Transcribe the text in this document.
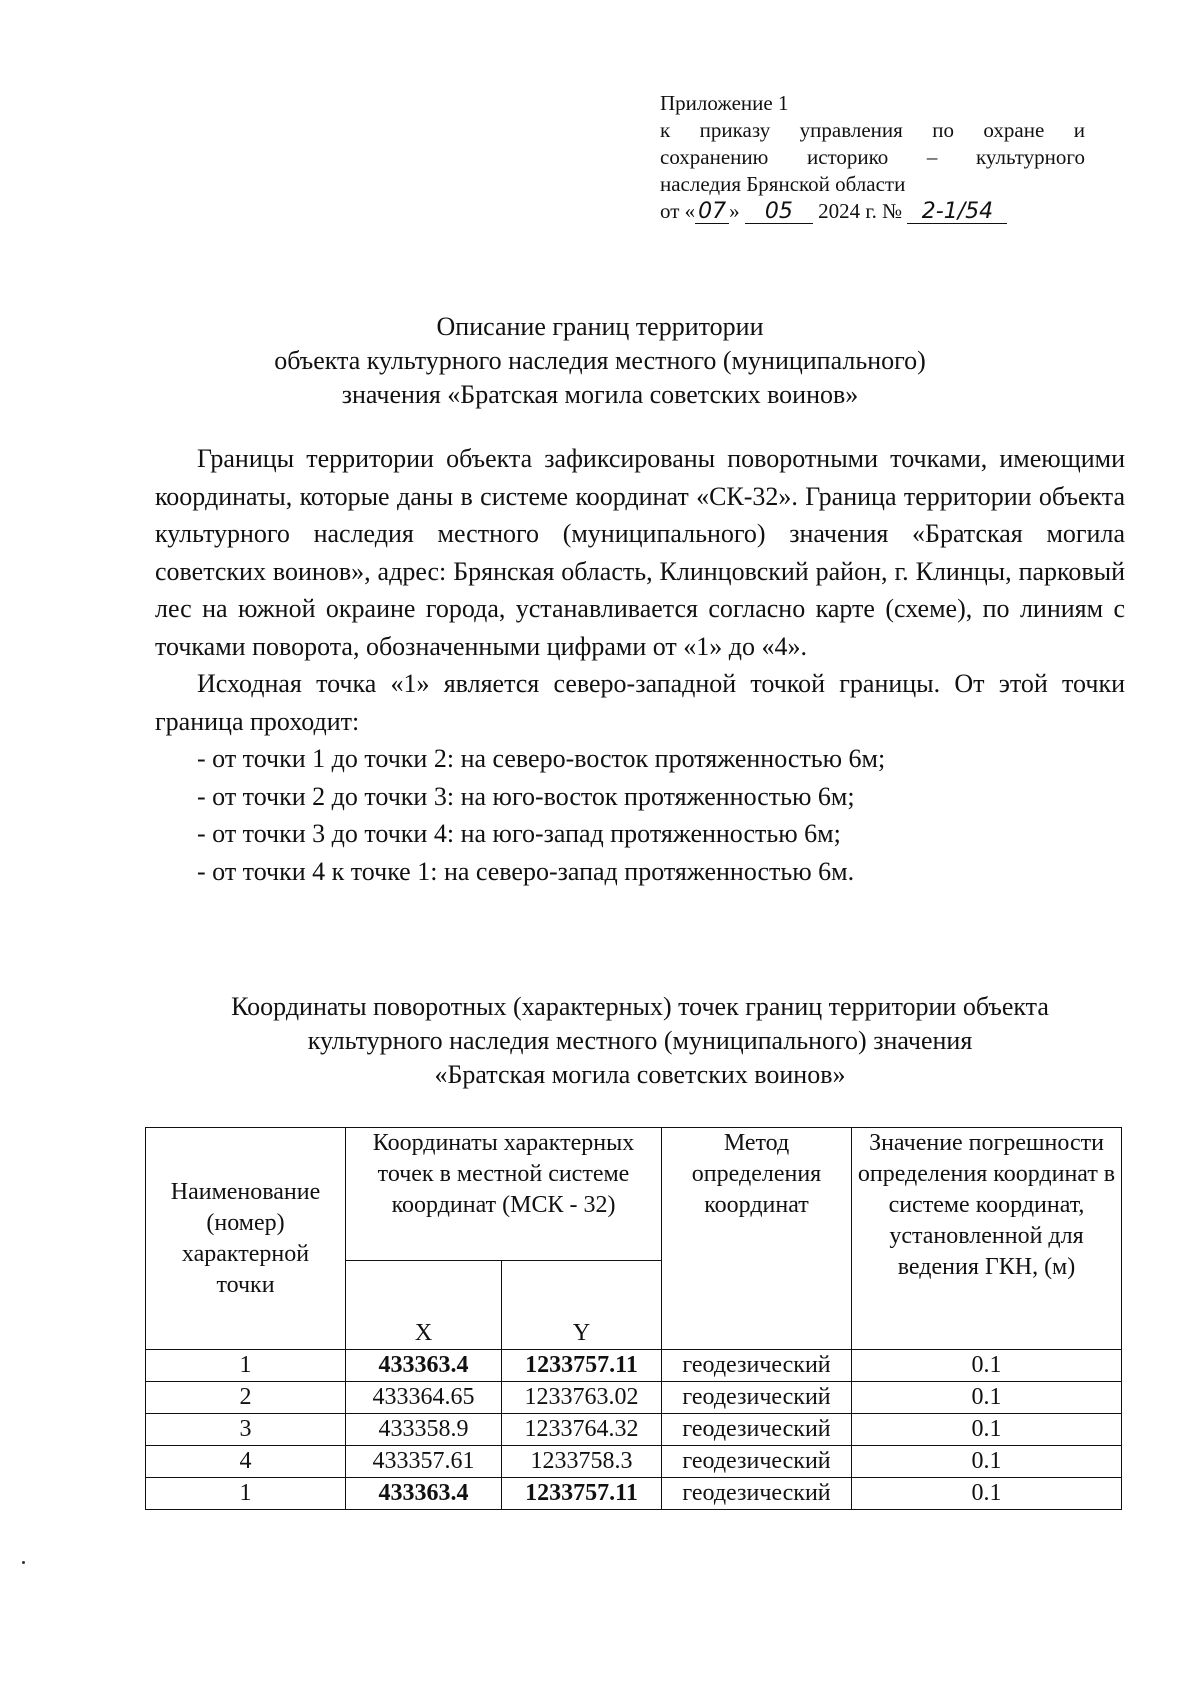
Приложение 1
к приказу управления по охране и
сохранению историко – культурного
наследия Брянской области
от « 07 » 05 2024 г. № 2-1/54
Описание границ территории
объекта культурного наследия местного (муниципального)
значения «Братская могила советских воинов»

Границы территории объекта зафиксированы поворотными точками, имеющими координаты, которые даны в системе координат «СК-32». Граница территории объекта культурного наследия местного (муниципального) значения «Братская могила советских воинов», адрес: Брянская область, Клинцовский район, г. Клинцы, парковый лес на южной окраине города, устанавливается согласно карте (схеме), по линиям с точками поворота, обозначенными цифрами от «1» до «4».

Исходная точка «1» является северо-западной точкой границы. От этой точки граница проходит:

- от точки 1 до точки 2: на северо-восток протяженностью 6м;

- от точки 2 до точки 3: на юго-восток протяженностью 6м;

- от точки 3 до точки 4: на юго-запад протяженностью 6м;

- от точки 4 к точке 1: на северо-запад протяженностью 6м.

Координаты поворотных (характерных) точек границ территории объекта
культурного наследия местного (муниципального) значения
«Братская могила советских воинов»
Наименование (номер) характерной точки	Координаты характерных точек в местной системе координат (МСК - 32)		Метод определения координат	Значение погрешности определения координат в системе координат, установленной для ведения ГКН, (м)
	X	Y		
1	433363.4	1233757.11	геодезический	0.1
2	433364.65	1233763.02	геодезический	0.1
3	433358.9	1233764.32	геодезический	0.1
4	433357.61	1233758.3	геодезический	0.1
1	433363.4	1233757.11	геодезический	0.1
